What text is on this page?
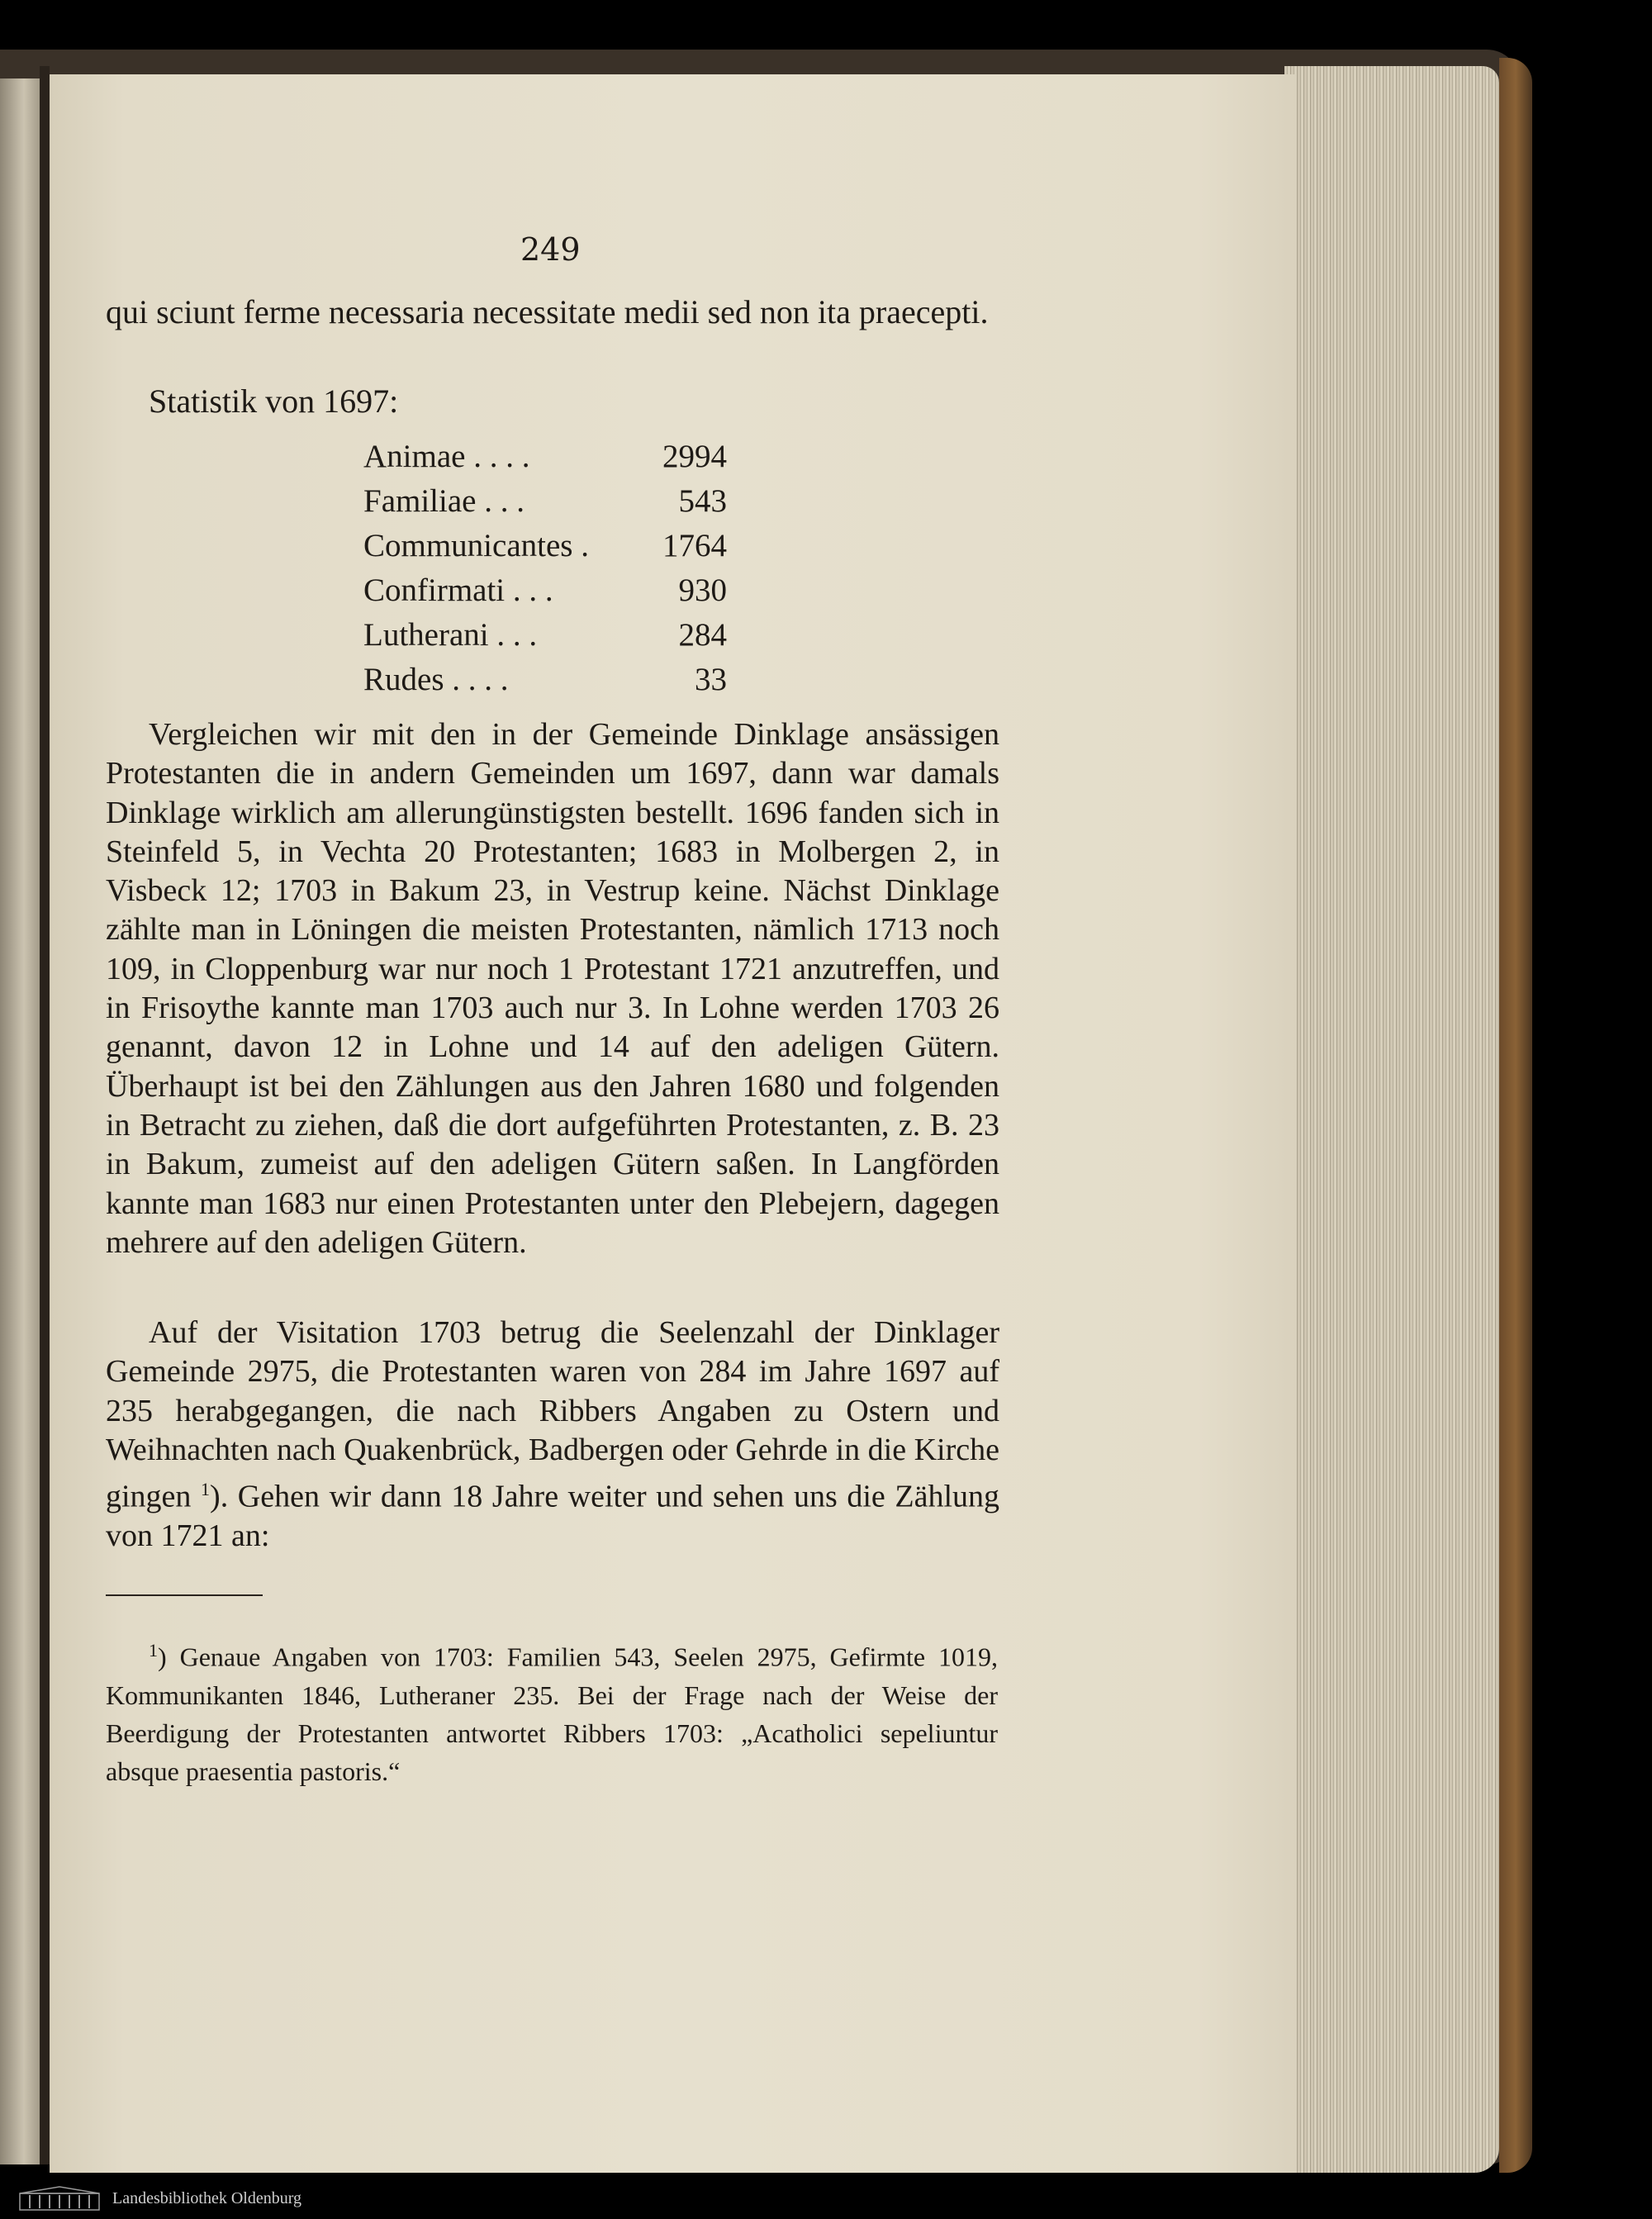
249
qui sciunt ferme necessaria necessitate medii sed non ita praecepti.
Statistik von 1697:
Animae . . . .	2994
Familiae . . .	543
Communicantes .	1764
Confirmati . . .	930
Lutherani . . .	284
Rudes . . . .	33

Vergleichen wir mit den in der Gemeinde Dinklage ansässigen Protestanten die in andern Gemeinden um 1697, dann war damals Dinklage wirklich am allerungünstigsten bestellt. 1696 fanden sich in Steinfeld 5, in Vechta 20 Protestanten; 1683 in Molbergen 2, in Visbeck 12; 1703 in Bakum 23, in Vestrup keine. Nächst Dinklage zählte man in Löningen die meisten Protestanten, nämlich 1713 noch 109, in Cloppenburg war nur noch 1 Protestant 1721 anzutreffen, und in Frisoythe kannte man 1703 auch nur 3. In Lohne werden 1703 26 genannt, davon 12 in Lohne und 14 auf den adeligen Gütern. Überhaupt ist bei den Zählungen aus den Jahren 1680 und folgenden in Betracht zu ziehen, daß die dort aufgeführten Protestanten, z. B. 23 in Bakum, zumeist auf den adeligen Gütern saßen. In Langförden kannte man 1683 nur einen Protestanten unter den Plebejern, dagegen mehrere auf den adeligen Gütern.

Auf der Visitation 1703 betrug die Seelenzahl der Dinklager Gemeinde 2975, die Protestanten waren von 284 im Jahre 1697 auf 235 herabgegangen, die nach Ribbers Angaben zu Ostern und Weihnachten nach Quakenbrück, Badbergen oder Gehrde in die Kirche gingen $^1$). Gehen wir dann 18 Jahre weiter und sehen uns die Zählung von 1721 an:

$^1$) Genaue Angaben von 1703: Familien 543, Seelen 2975, Gefirmte 1019, Kommunikanten 1846, Lutheraner 235. Bei der Frage nach der Weise der Beerdigung der Protestanten antwortet Ribbers 1703: „Acatholici sepeliuntur absque praesentia pastoris.“

Landesbibliothek Oldenburg
